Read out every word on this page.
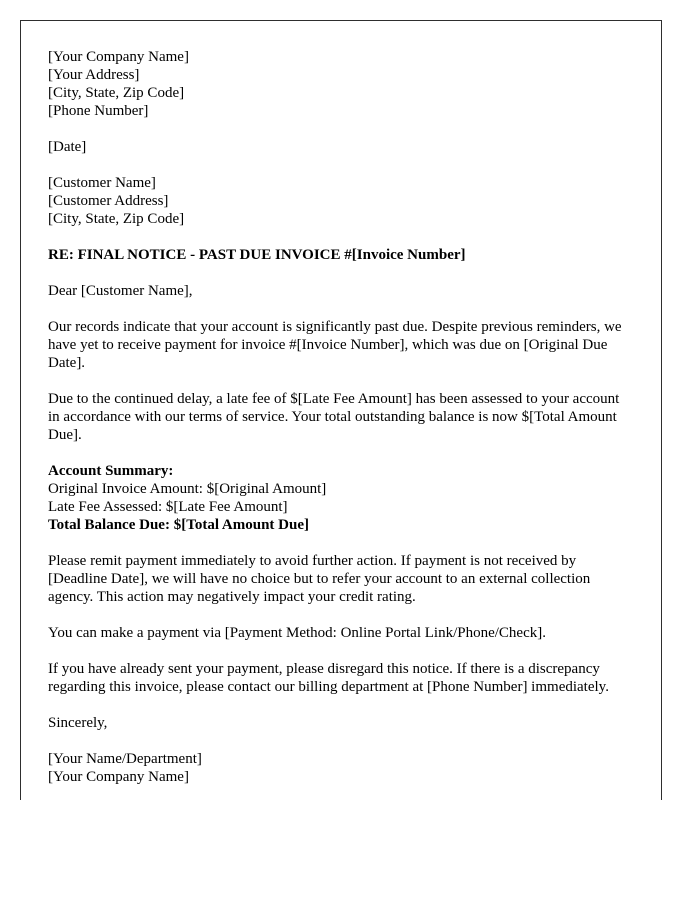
[Your Company Name]
[Your Address]
[City, State, Zip Code]
[Phone Number]
[Date]
[Customer Name]
[Customer Address]
[City, State, Zip Code]
RE: FINAL NOTICE - PAST DUE INVOICE #[Invoice Number]
Dear [Customer Name],

Our records indicate that your account is significantly past due. Despite previous reminders, we have yet to receive payment for invoice #[Invoice Number], which was due on [Original Due Date].

Due to the continued delay, a late fee of $[Late Fee Amount] has been assessed to your account in accordance with our terms of service. Your total outstanding balance is now $[Total Amount Due].

Account Summary:
Original Invoice Amount: $[Original Amount]
Late Fee Assessed: $[Late Fee Amount]
Total Balance Due: $[Total Amount Due]

Please remit payment immediately to avoid further action. If payment is not received by [Deadline Date], we will have no choice but to refer your account to an external collection agency. This action may negatively impact your credit rating.

You can make a payment via [Payment Method: Online Portal Link/Phone/Check].

If you have already sent your payment, please disregard this notice. If there is a discrepancy regarding this invoice, please contact our billing department at [Phone Number] immediately.

Sincerely,
[Your Name/Department]
[Your Company Name]
